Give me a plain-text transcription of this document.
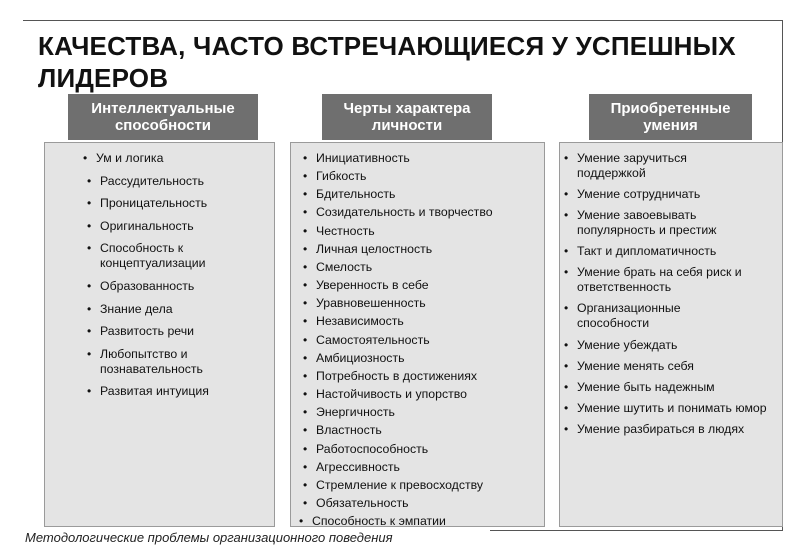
КАЧЕСТВА, ЧАСТО ВСТРЕЧАЮЩИЕСЯ У УСПЕШНЫХ ЛИДЕРОВ
Интеллектуальные способности
• Ум и логика
• Рассудительность
• Проницательность
• Оригинальность
• Способность к концептуализации
• Образованность
• Знание дела
• Развитость речи
• Любопытство и познавательность
• Развитая интуиция
Черты характера личности
• Инициативность
• Гибкость
• Бдительность
• Созидательность и творчество
• Честность
• Личная целостность
• Смелость
• Уверенность в себе
• Уравновешенность
• Независимость
• Самостоятельность
• Амбициозность
• Потребность в достижениях
• Настойчивость и упорство
• Энергичность
• Властность
• Работоспособность
• Агрессивность
• Стремление к превосходству
• Обязательность
• Способность к эмпатии
Приобретенные умения
• Умение заручиться поддержкой
• Умение сотрудничать
• Умение завоевывать популярность и престиж
• Такт и дипломатичность
• Умение брать на себя риск и ответственность
• Организационные способности
• Умение убеждать
• Умение менять себя
• Умение быть надежным
• Умение шутить и понимать юмор
• Умение разбираться в людях
Методологические проблемы организационного поведения
